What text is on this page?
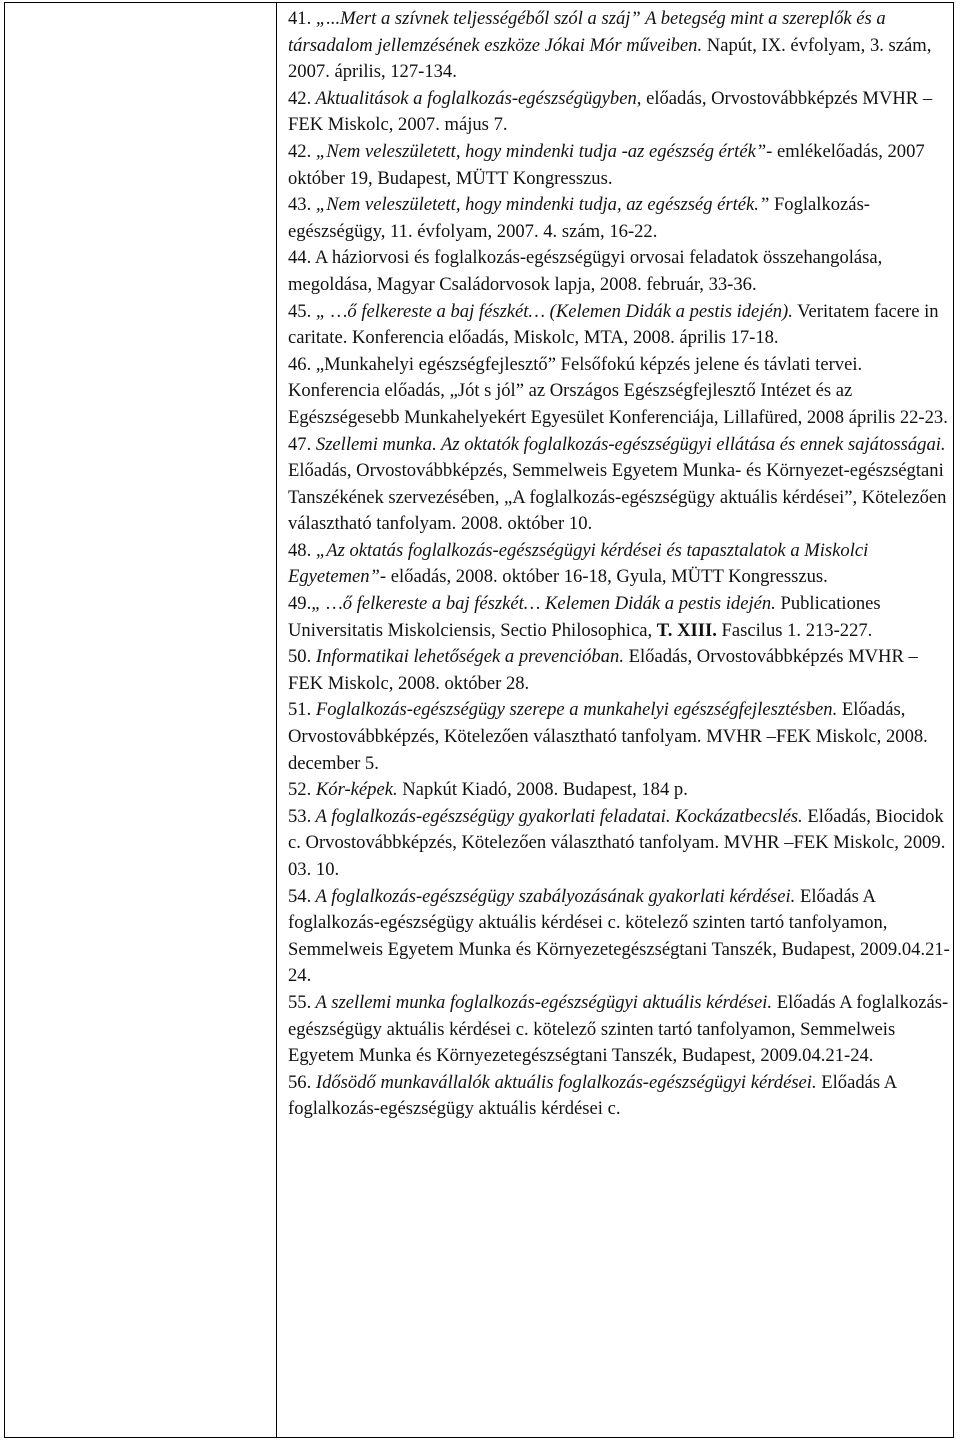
41. „...Mert a szívnek teljességéből szól a száj” A betegség mint a szereplők és a társadalom jellemzésének eszköze Jókai Mór műveiben. Napút, IX. évfolyam, 3. szám, 2007. április, 127-134.

42. Aktualitások a foglalkozás-egészségügyben, előadás, Orvostovábbképzés MVHR –FEK Miskolc, 2007. május 7.

42. „Nem veleszületett, hogy mindenki tudja -az egészség érték”- emlékelőadás, 2007 október 19, Budapest, MÜTT Kongresszus.

43. „Nem veleszületett, hogy mindenki tudja, az egészség érték.” Foglalkozás-egészségügy, 11. évfolyam, 2007. 4. szám, 16-22.

44. A háziorvosi és foglalkozás-egészségügyi orvosai feladatok összehangolása, megoldása, Magyar Családorvosok lapja, 2008. február, 33-36.

45. „ …ő felkereste a baj fészkét… (Kelemen Didák a pestis idején). Veritatem facere in caritate. Konferencia előadás, Miskolc, MTA, 2008. április 17-18.

46. „Munkahelyi egészségfejlesztő” Felsőfokú képzés jelene és távlati tervei. Konferencia előadás, „Jót s jól” az Országos Egészségfejlesztő Intézet és az Egészségesebb Munkahelyekért Egyesület Konferenciája, Lillafüred, 2008 április 22-23.

47. Szellemi munka. Az oktatók foglalkozás-egészségügyi ellátása és ennek sajátosságai. Előadás, Orvostovábbképzés, Semmelweis Egyetem Munka- és Környezet-egészségtani Tanszékének szervezésében, „A foglalkozás-egészségügy aktuális kérdései”, Kötelezően választható tanfolyam. 2008. október 10.

48. „Az oktatás foglalkozás-egészségügyi kérdései és tapasztalatok a Miskolci Egyetemen”- előadás, 2008. október 16-18, Gyula, MÜTT Kongresszus.

49.„ …ő felkereste a baj fészkét… Kelemen Didák a pestis idején. Publicationes Universitatis Miskolciensis, Sectio Philosophica, T. XIII. Fascilus 1. 213-227.

50. Informatikai lehetőségek a prevencióban. Előadás, Orvostovábbképzés MVHR –FEK Miskolc, 2008. október 28.

51. Foglalkozás-egészségügy szerepe a munkahelyi egészségfejlesztésben. Előadás, Orvostovábbképzés, Kötelezően választható tanfolyam. MVHR –FEK Miskolc, 2008. december 5.

52. Kór-képek. Napkút Kiadó, 2008. Budapest, 184 p.

53. A foglalkozás-egészségügy gyakorlati feladatai. Kockázatbecslés. Előadás, Biocidok c. Orvostovábbképzés, Kötelezően választható tanfolyam. MVHR –FEK Miskolc, 2009. 03. 10.

54. A foglalkozás-egészségügy szabályozásának gyakorlati kérdései. Előadás A foglalkozás-egészségügy aktuális kérdései c. kötelező szinten tartó tanfolyamon, Semmelweis Egyetem Munka és Környezetegészségtani Tanszék, Budapest, 2009.04.21-24.

55. A szellemi munka foglalkozás-egészségügyi aktuális kérdései. Előadás A foglalkozás-egészségügy aktuális kérdései c. kötelező szinten tartó tanfolyamon, Semmelweis Egyetem Munka és Környezetegészségtani Tanszék, Budapest, 2009.04.21-24.

56. Idősödő munkavállalók aktuális foglalkozás-egészségügyi kérdései. Előadás A foglalkozás-egészségügy aktuális kérdései c.
